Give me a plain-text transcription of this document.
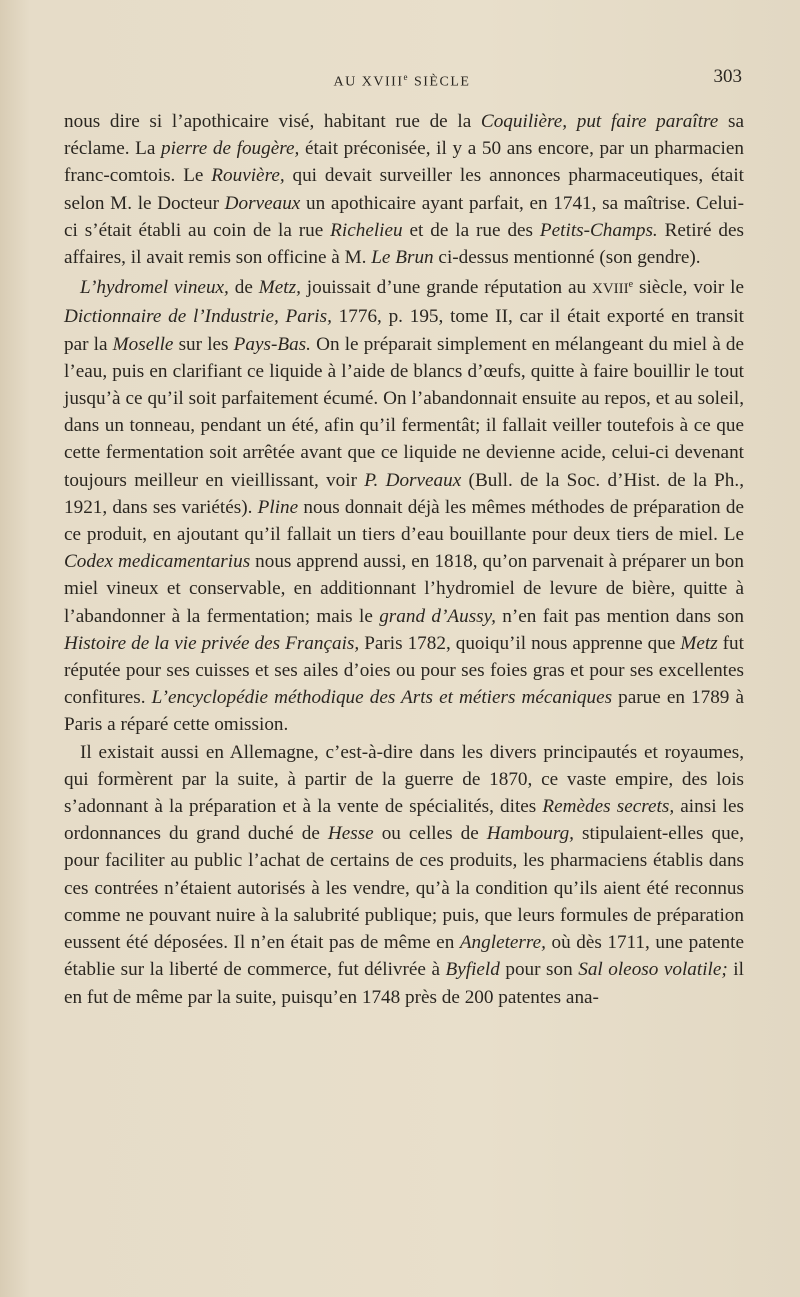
AU XVIIIe SIÈCLE	303

nous dire si l’apothicaire visé, habitant rue de la Coquilière, put faire paraître sa réclame. La pierre de fougère, était préconisée, il y a 50 ans encore, par un pharmacien franc-comtois. Le Rouvière, qui devait surveiller les annonces pharmaceutiques, était selon M. le Docteur Dorveaux un apothicaire ayant parfait, en 1741, sa maîtrise. Celui-ci s’était établi au coin de la rue Richelieu et de la rue des Petits-Champs. Retiré des affaires, il avait remis son officine à M. Le Brun ci-dessus mentionné (son gendre).

L’hydromel vineux, de Metz, jouissait d’une grande réputation au XVIIIe siècle, voir le Dictionnaire de l’Industrie, Paris, 1776, p. 195, tome II, car il était exporté en transit par la Moselle sur les Pays-Bas. On le préparait simplement en mélangeant du miel à de l’eau, puis en clarifiant ce liquide à l’aide de blancs d’œufs, quitte à faire bouillir le tout jusqu’à ce qu’il soit parfaitement écumé. On l’abandonnait ensuite au repos, et au soleil, dans un tonneau, pendant un été, afin qu’il fermentât; il fallait veiller toutefois à ce que cette fermentation soit arrêtée avant que ce liquide ne devienne acide, celui-ci devenant toujours meilleur en vieillissant, voir P. Dorveaux (Bull. de la Soc. d’Hist. de la Ph., 1921, dans ses variétés). Pline nous donnait déjà les mêmes méthodes de préparation de ce produit, en ajoutant qu’il fallait un tiers d’eau bouillante pour deux tiers de miel. Le Codex medicamentarius nous apprend aussi, en 1818, qu’on parvenait à préparer un bon miel vineux et conservable, en additionnant l’hydromiel de levure de bière, quitte à l’abandonner à la fermentation; mais le grand d’Aussy, n’en fait pas mention dans son Histoire de la vie privée des Français, Paris 1782, quoiqu’il nous apprenne que Metz fut réputée pour ses cuisses et ses ailes d’oies ou pour ses foies gras et pour ses excellentes confitures. L’encyclopédie méthodique des Arts et métiers mécaniques parue en 1789 à Paris a réparé cette omission.

Il existait aussi en Allemagne, c’est-à-dire dans les divers principautés et royaumes, qui formèrent par la suite, à partir de la guerre de 1870, ce vaste empire, des lois s’adonnant à la préparation et à la vente de spécialités, dites Remèdes secrets, ainsi les ordonnances du grand duché de Hesse ou celles de Hambourg, stipulaient-elles que, pour faciliter au public l’achat de certains de ces produits, les pharmaciens établis dans ces contrées n’étaient autorisés à les vendre, qu’à la condition qu’ils aient été reconnus comme ne pouvant nuire à la salubrité publique; puis, que leurs formules de préparation eussent été déposées. Il n’en était pas de même en Angleterre, où dès 1711, une patente établie sur la liberté de commerce, fut délivrée à Byfield pour son Sal oleoso volatile; il en fut de même par la suite, puisqu’en 1748 près de 200 patentes ana-
